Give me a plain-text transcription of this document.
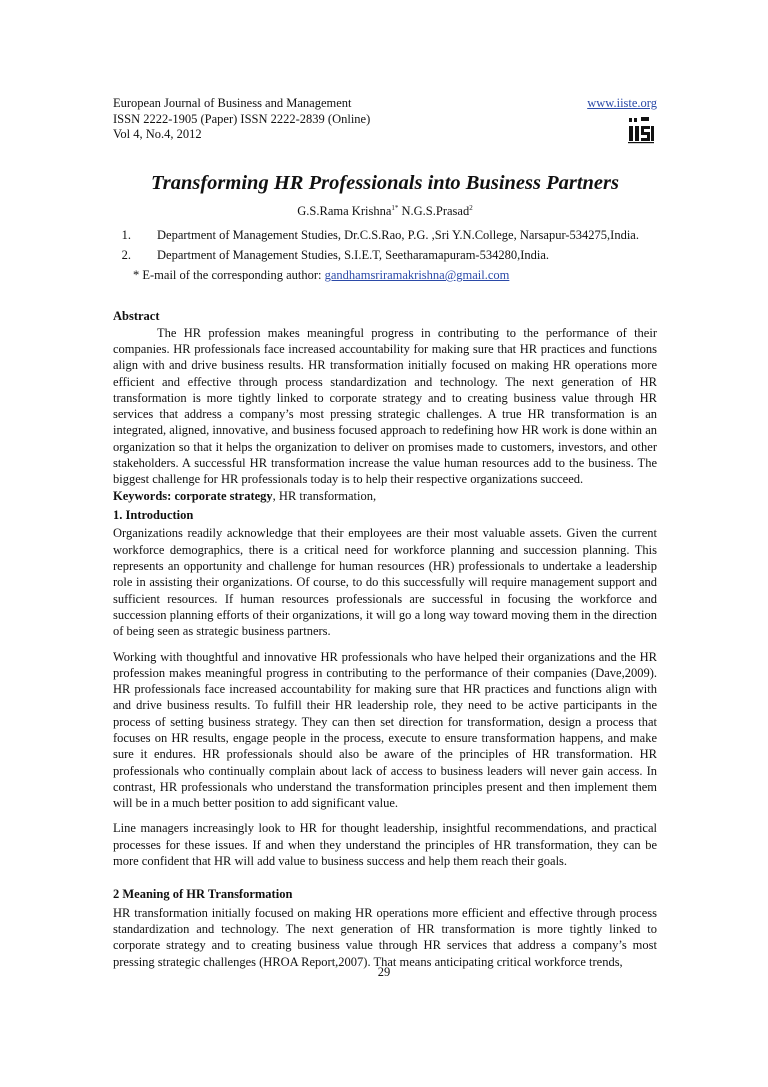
European Journal of Business and Management
ISSN 2222-1905 (Paper) ISSN 2222-2839 (Online)
Vol 4, No.4, 2012
www.iiste.org
Transforming HR Professionals into Business Partners
G.S.Rama Krishna$^{1*}$ N.G.S.Prasad$^2$
1. Department of Management Studies, Dr.C.S.Rao, P.G. ,Sri Y.N.College, Narsapur-534275,India.
2. Department of Management Studies, S.I.E.T, Seetharamapuram-534280,India.
* E-mail of the corresponding author: gandhamsriramakrishna@gmail.com
Abstract

The HR profession makes meaningful progress in contributing to the performance of their companies. HR professionals face increased accountability for making sure that HR practices and functions align with and drive business results. HR transformation initially focused on making HR operations more efficient and effective through process standardization and technology. The next generation of HR transformation is more tightly linked to corporate strategy and to creating business value through HR services that address a company’s most pressing strategic challenges. A true HR transformation is an integrated, aligned, innovative, and business focused approach to redefining how HR work is done within an organization so that it helps the organization to deliver on promises made to customers, investors, and other stakeholders. A successful HR transformation increase the value human resources add to the business. The biggest challenge for HR professionals today is to help their respective organizations succeed.

Keywords: corporate strategy, HR transformation,
1. Introduction

Organizations readily acknowledge that their employees are their most valuable assets. Given the current workforce demographics, there is a critical need for workforce planning and succession planning. This represents an opportunity and challenge for human resources (HR) professionals to undertake a leadership role in assisting their organizations. Of course, to do this successfully will require management support and sufficient resources. If human resources professionals are successful in focusing the workforce and succession planning efforts of their organizations, it will go a long way toward moving them in the direction of being seen as strategic business partners.

Working with thoughtful and innovative HR professionals who have helped their organizations and the HR profession makes meaningful progress in contributing to the performance of their companies (Dave,2009). HR professionals face increased accountability for making sure that HR practices and functions align with and drive business results. To fulfill their HR leadership role, they need to be active participants in the process of setting business strategy. They can then set direction for transformation, design a process that focuses on HR results, engage people in the process, execute to ensure transformation happens, and make sure it endures. HR professionals should also be aware of the principles of HR transformation. HR professionals who continually complain about lack of access to business leaders will never gain access. In contrast, HR professionals who understand the transformation principles present and then implement them will be in a much better position to add significant value.

Line managers increasingly look to HR for thought leadership, insightful recommendations, and practical processes for these issues. If and when they understand the principles of HR transformation, they can be more confident that HR will add value to business success and help them reach their goals.

2 Meaning of HR Transformation

HR transformation initially focused on making HR operations more efficient and effective through process standardization and technology. The next generation of HR transformation is more tightly linked to corporate strategy and to creating business value through HR services that address a company’s most pressing strategic challenges (HROA Report,2007). That means anticipating critical workforce trends,

29
